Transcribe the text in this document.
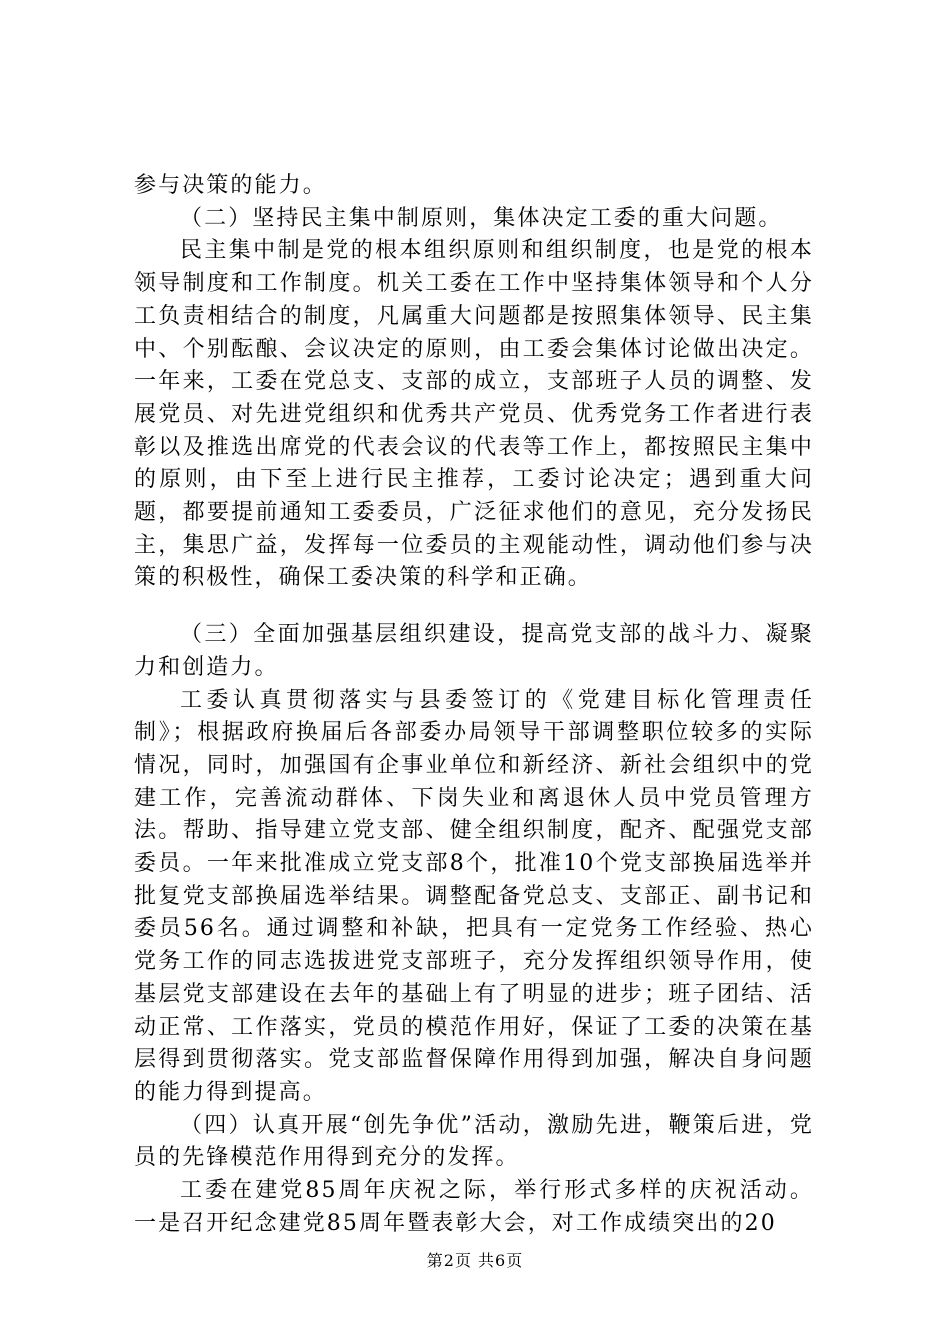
参与决策的能力。

（二）坚持民主集中制原则，集体决定工委的重大问题。

民主集中制是党的根本组织原则和组织制度，也是党的根本领导制度和工作制度。机关工委在工作中坚持集体领导和个人分工负责相结合的制度，凡属重大问题都是按照集体领导、民主集中、个别酝酿、会议决定的原则，由工委会集体讨论做出决定。一年来，工委在党总支、支部的成立，支部班子人员的调整、发展党员、对先进党组织和优秀共产党员、优秀党务工作者进行表彰以及推选出席党的代表会议的代表等工作上，都按照民主集中的原则，由下至上进行民主推荐，工委讨论决定；遇到重大问题，都要提前通知工委委员，广泛征求他们的意见，充分发扬民主，集思广益，发挥每一位委员的主观能动性，调动他们参与决策的积极性，确保工委决策的科学和正确。

（三）全面加强基层组织建设，提高党支部的战斗力、凝聚力和创造力。

工委认真贯彻落实与县委签订的《党建目标化管理责任制》；根据政府换届后各部委办局领导干部调整职位较多的实际情况，同时，加强国有企事业单位和新经济、新社会组织中的党建工作，完善流动群体、下岗失业和离退休人员中党员管理方法。帮助、指导建立党支部、健全组织制度，配齐、配强党支部委员。一年来批准成立党支部8个，批准10个党支部换届选举并批复党支部换届选举结果。调整配备党总支、支部正、副书记和委员56名。通过调整和补缺，把具有一定党务工作经验、热心党务工作的同志选拔进党支部班子，充分发挥组织领导作用，使基层党支部建设在去年的基础上有了明显的进步；班子团结、活动正常、工作落实，党员的模范作用好，保证了工委的决策在基层得到贯彻落实。党支部监督保障作用得到加强，解决自身问题的能力得到提高。

（四）认真开展“创先争优”活动，激励先进，鞭策后进，党员的先锋模范作用得到充分的发挥。

工委在建党85周年庆祝之际，举行形式多样的庆祝活动。一是召开纪念建党85周年暨表彰大会，对工作成绩突出的20

第2页 共6页
